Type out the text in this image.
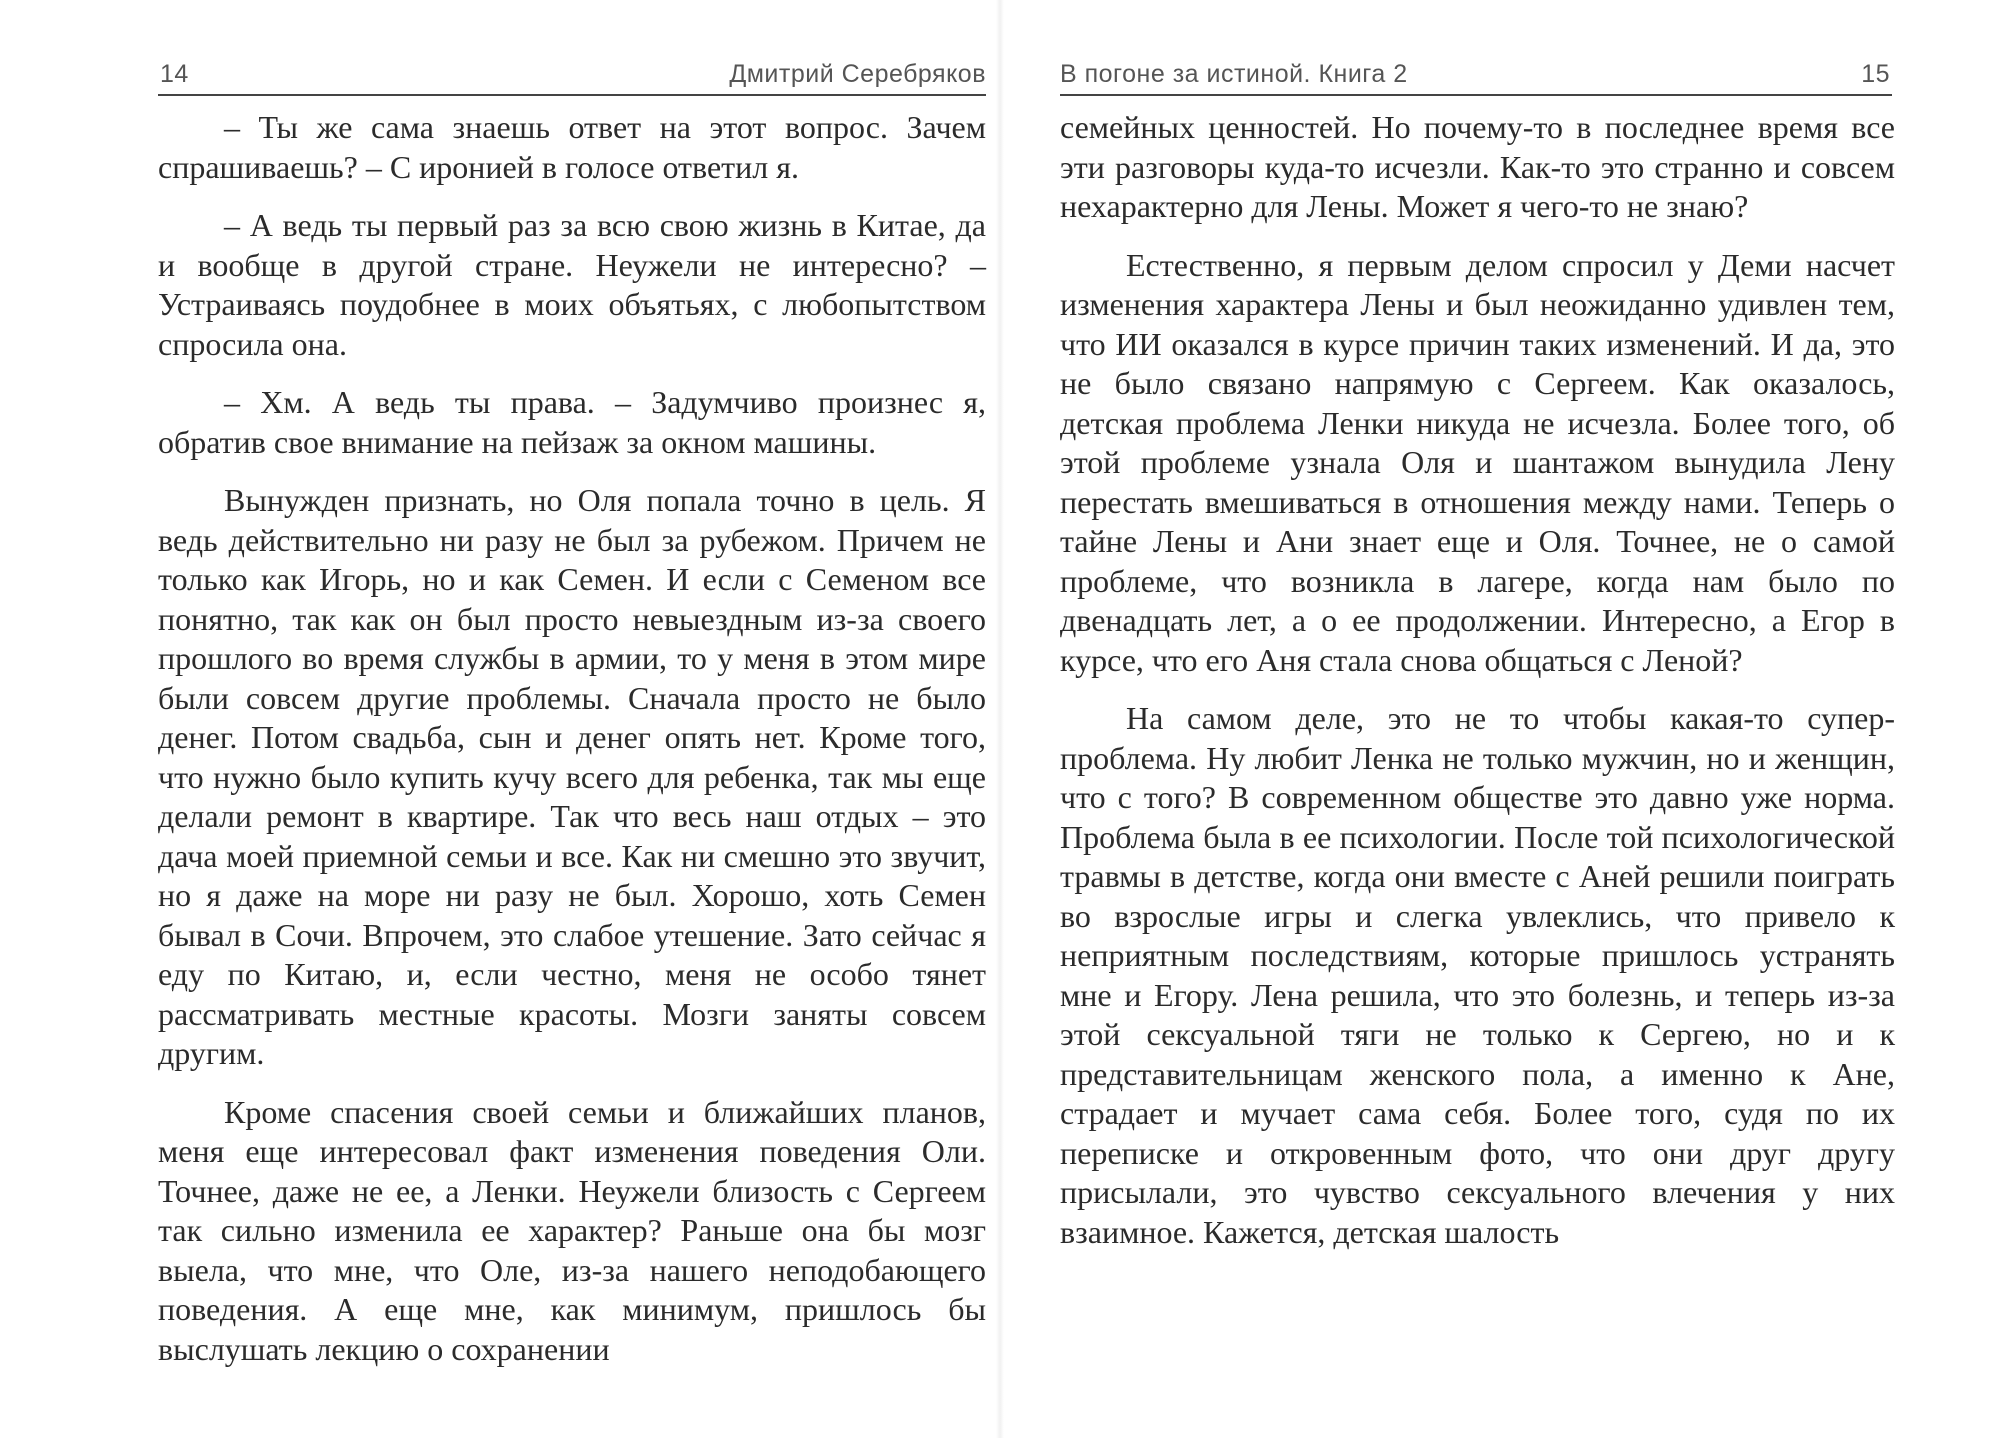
14	Дмитрий Серебряков

– Ты же сама знаешь ответ на этот вопрос. Зачем спрашиваешь? – С иронией в голосе ответил я.

– А ведь ты первый раз за всю свою жизнь в Китае, да и вообще в другой стране. Неужели не интересно? – Устраиваясь поудобнее в моих объятьях, с любопытством спросила она.

– Хм. А ведь ты права. – Задумчиво произнес я, обратив свое внимание на пейзаж за окном машины.

Вынужден признать, но Оля попала точно в цель. Я ведь действительно ни разу не был за рубежом. Причем не только как Игорь, но и как Семен. И если с Семеном все понятно, так как он был просто невыездным из-за своего прошлого во время службы в армии, то у меня в этом мире были совсем другие проблемы. Сначала просто не было денег. Потом свадьба, сын и денег опять нет. Кроме того, что нужно было купить кучу всего для ребенка, так мы еще делали ремонт в квартире. Так что весь наш отдых – это дача моей приемной семьи и все. Как ни смешно это звучит, но я даже на море ни разу не был. Хорошо, хоть Семен бывал в Сочи. Впрочем, это слабое утешение. Зато сейчас я еду по Китаю, и, если честно, меня не особо тянет рассматривать местные красоты. Мозги заняты совсем другим.

Кроме спасения своей семьи и ближайших планов, меня еще интересовал факт изменения поведения Оли. Точнее, даже не ее, а Ленки. Неужели близость с Сергеем так сильно изменила ее характер? Раньше она бы мозг выела, что мне, что Оле, из-за нашего неподобающего поведения. А еще мне, как минимум, пришлось бы выслушать лекцию о сохранении

В погоне за истиной. Книга 2	15

семейных ценностей. Но почему-то в последнее время все эти разговоры куда-то исчезли. Как-то это странно и совсем нехарактерно для Лены. Может я чего-то не знаю?

Естественно, я первым делом спросил у Деми насчет изменения характера Лены и был неожиданно удивлен тем, что ИИ оказался в курсе причин таких изменений. И да, это не было связано напрямую с Сергеем. Как оказалось, детская проблема Ленки никуда не исчезла. Более того, об этой проблеме узнала Оля и шантажом вынудила Лену перестать вмешиваться в отношения между нами. Теперь о тайне Лены и Ани знает еще и Оля. Точнее, не о самой проблеме, что возникла в лагере, когда нам было по двенадцать лет, а о ее продолжении. Интересно, а Егор в курсе, что его Аня стала снова общаться с Леной?

На самом деле, это не то чтобы какая-то супер-проблема. Ну любит Ленка не только мужчин, но и женщин, что с того? В современном обществе это давно уже норма. Проблема была в ее психологии. После той психологической травмы в детстве, когда они вместе с Аней решили поиграть во взрослые игры и слегка увлеклись, что привело к неприятным последствиям, которые пришлось устранять мне и Егору. Лена решила, что это болезнь, и теперь из-за этой сексуальной тяги не только к Сергею, но и к представительницам женского пола, а именно к Ане, страдает и мучает сама себя. Более того, судя по их переписке и откровенным фото, что они друг другу присылали, это чувство сексуального влечения у них взаимное. Кажется, детская шалость
